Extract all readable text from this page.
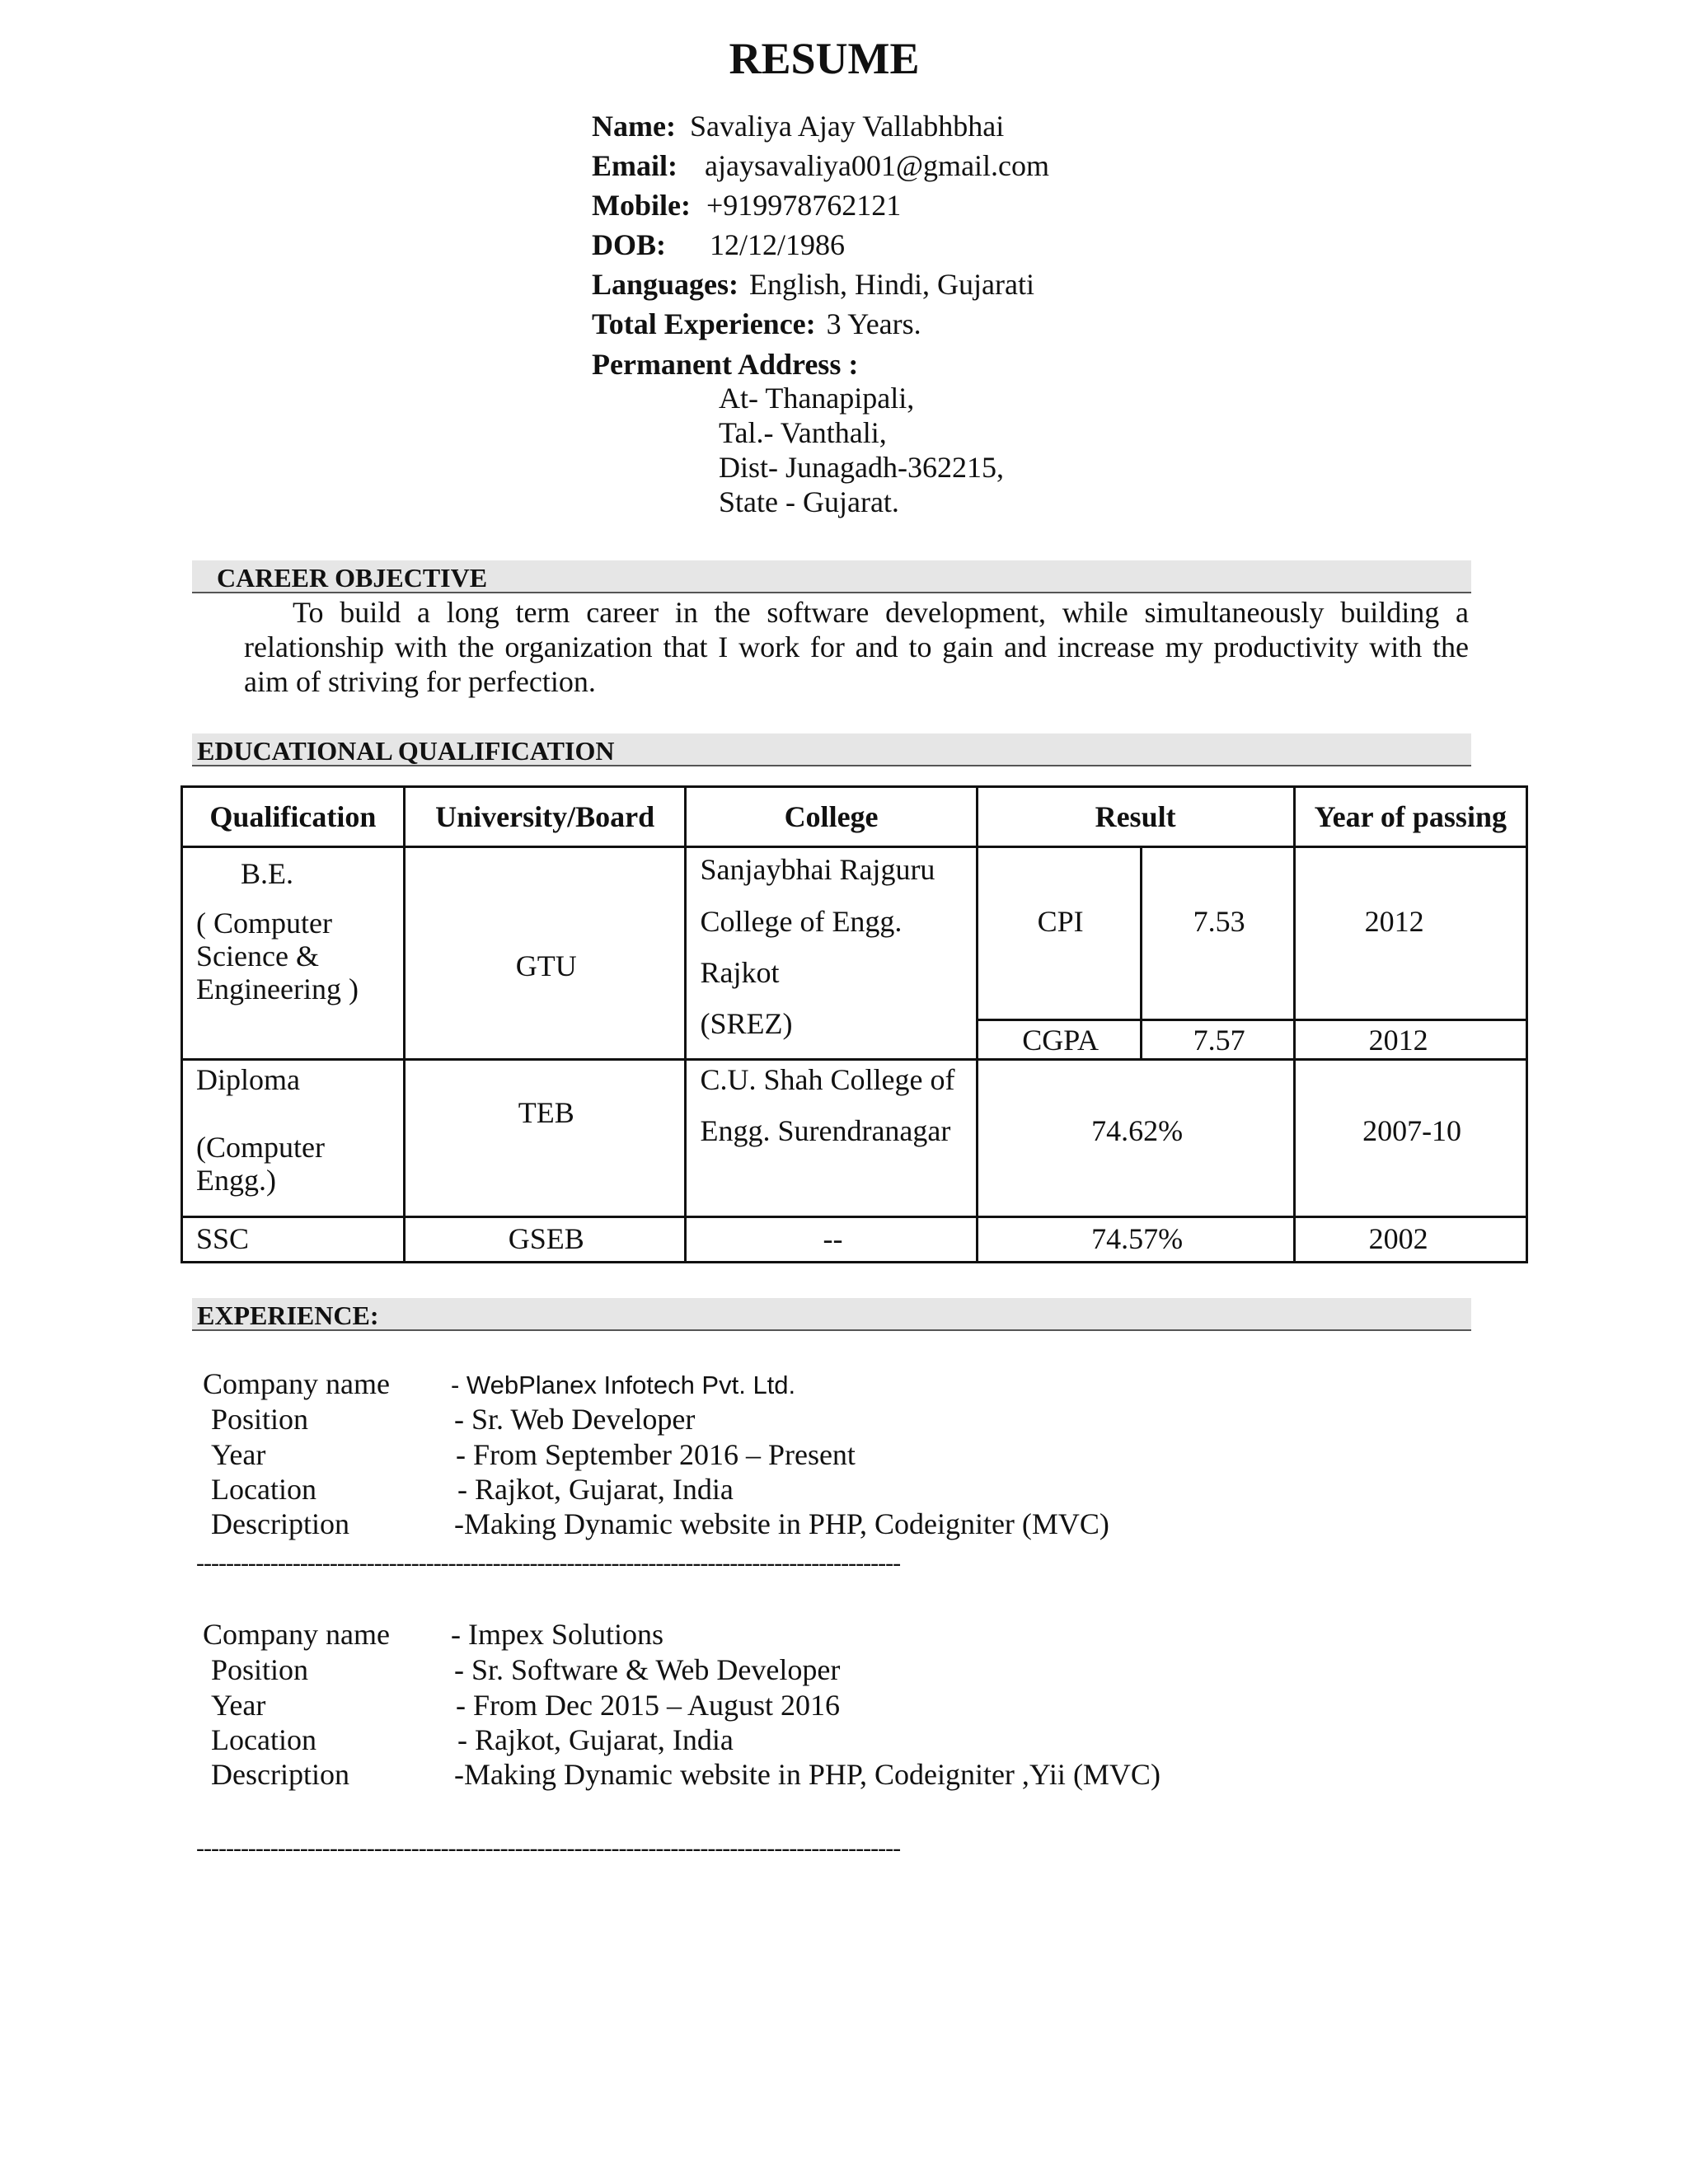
RESUME
Name: Savaliya Ajay Vallabhbhai
Email: ajaysavaliya001@gmail.com
Mobile: +919978762121
DOB: 12/12/1986
Languages: English, Hindi, Gujarati
Total Experience: 3 Years.
Permanent Address :
At- Thanapipali,
Tal.- Vanthali,
Dist- Junagadh-362215,
State - Gujarat.
CAREER OBJECTIVE
To build a long term career in the software development, while simultaneously building a
relationship with the organization that I work for and to gain and increase my productivity with the
aim of striving for perfection.
EDUCATIONAL QUALIFICATION
Qualification	University/Board	College	Result		Year of passing

B.E.
( Computer
Science &
Engineering )	GTU	Sanjaybhai Rajguru
College of Engg.
Rajkot
(SREZ)	CPI	7.53	2012

			CGPA	7.57	2012

Diploma
(Computer
Engg.)	TEB	C.U. Shah College of
Engg. Surendranagar	74.62%		2007-10

SSC	GSEB	--	74.57%		2002
EXPERIENCE:
Company name - WebPlanex Infotech Pvt. Ltd.
Position	- Sr. Web Developer
Year	- From September 2016 – Present
Location	- Rajkot, Gujarat, India
Description	-Making Dynamic website in PHP, Codeigniter (MVC)
-----------------------------------------------------------------------------------------------
Company name - Impex Solutions
Position	- Sr. Software & Web Developer
Year	- From Dec 2015 – August 2016
Location	- Rajkot, Gujarat, India
Description	-Making Dynamic website in PHP, Codeigniter ,Yii (MVC)
-----------------------------------------------------------------------------------------------
